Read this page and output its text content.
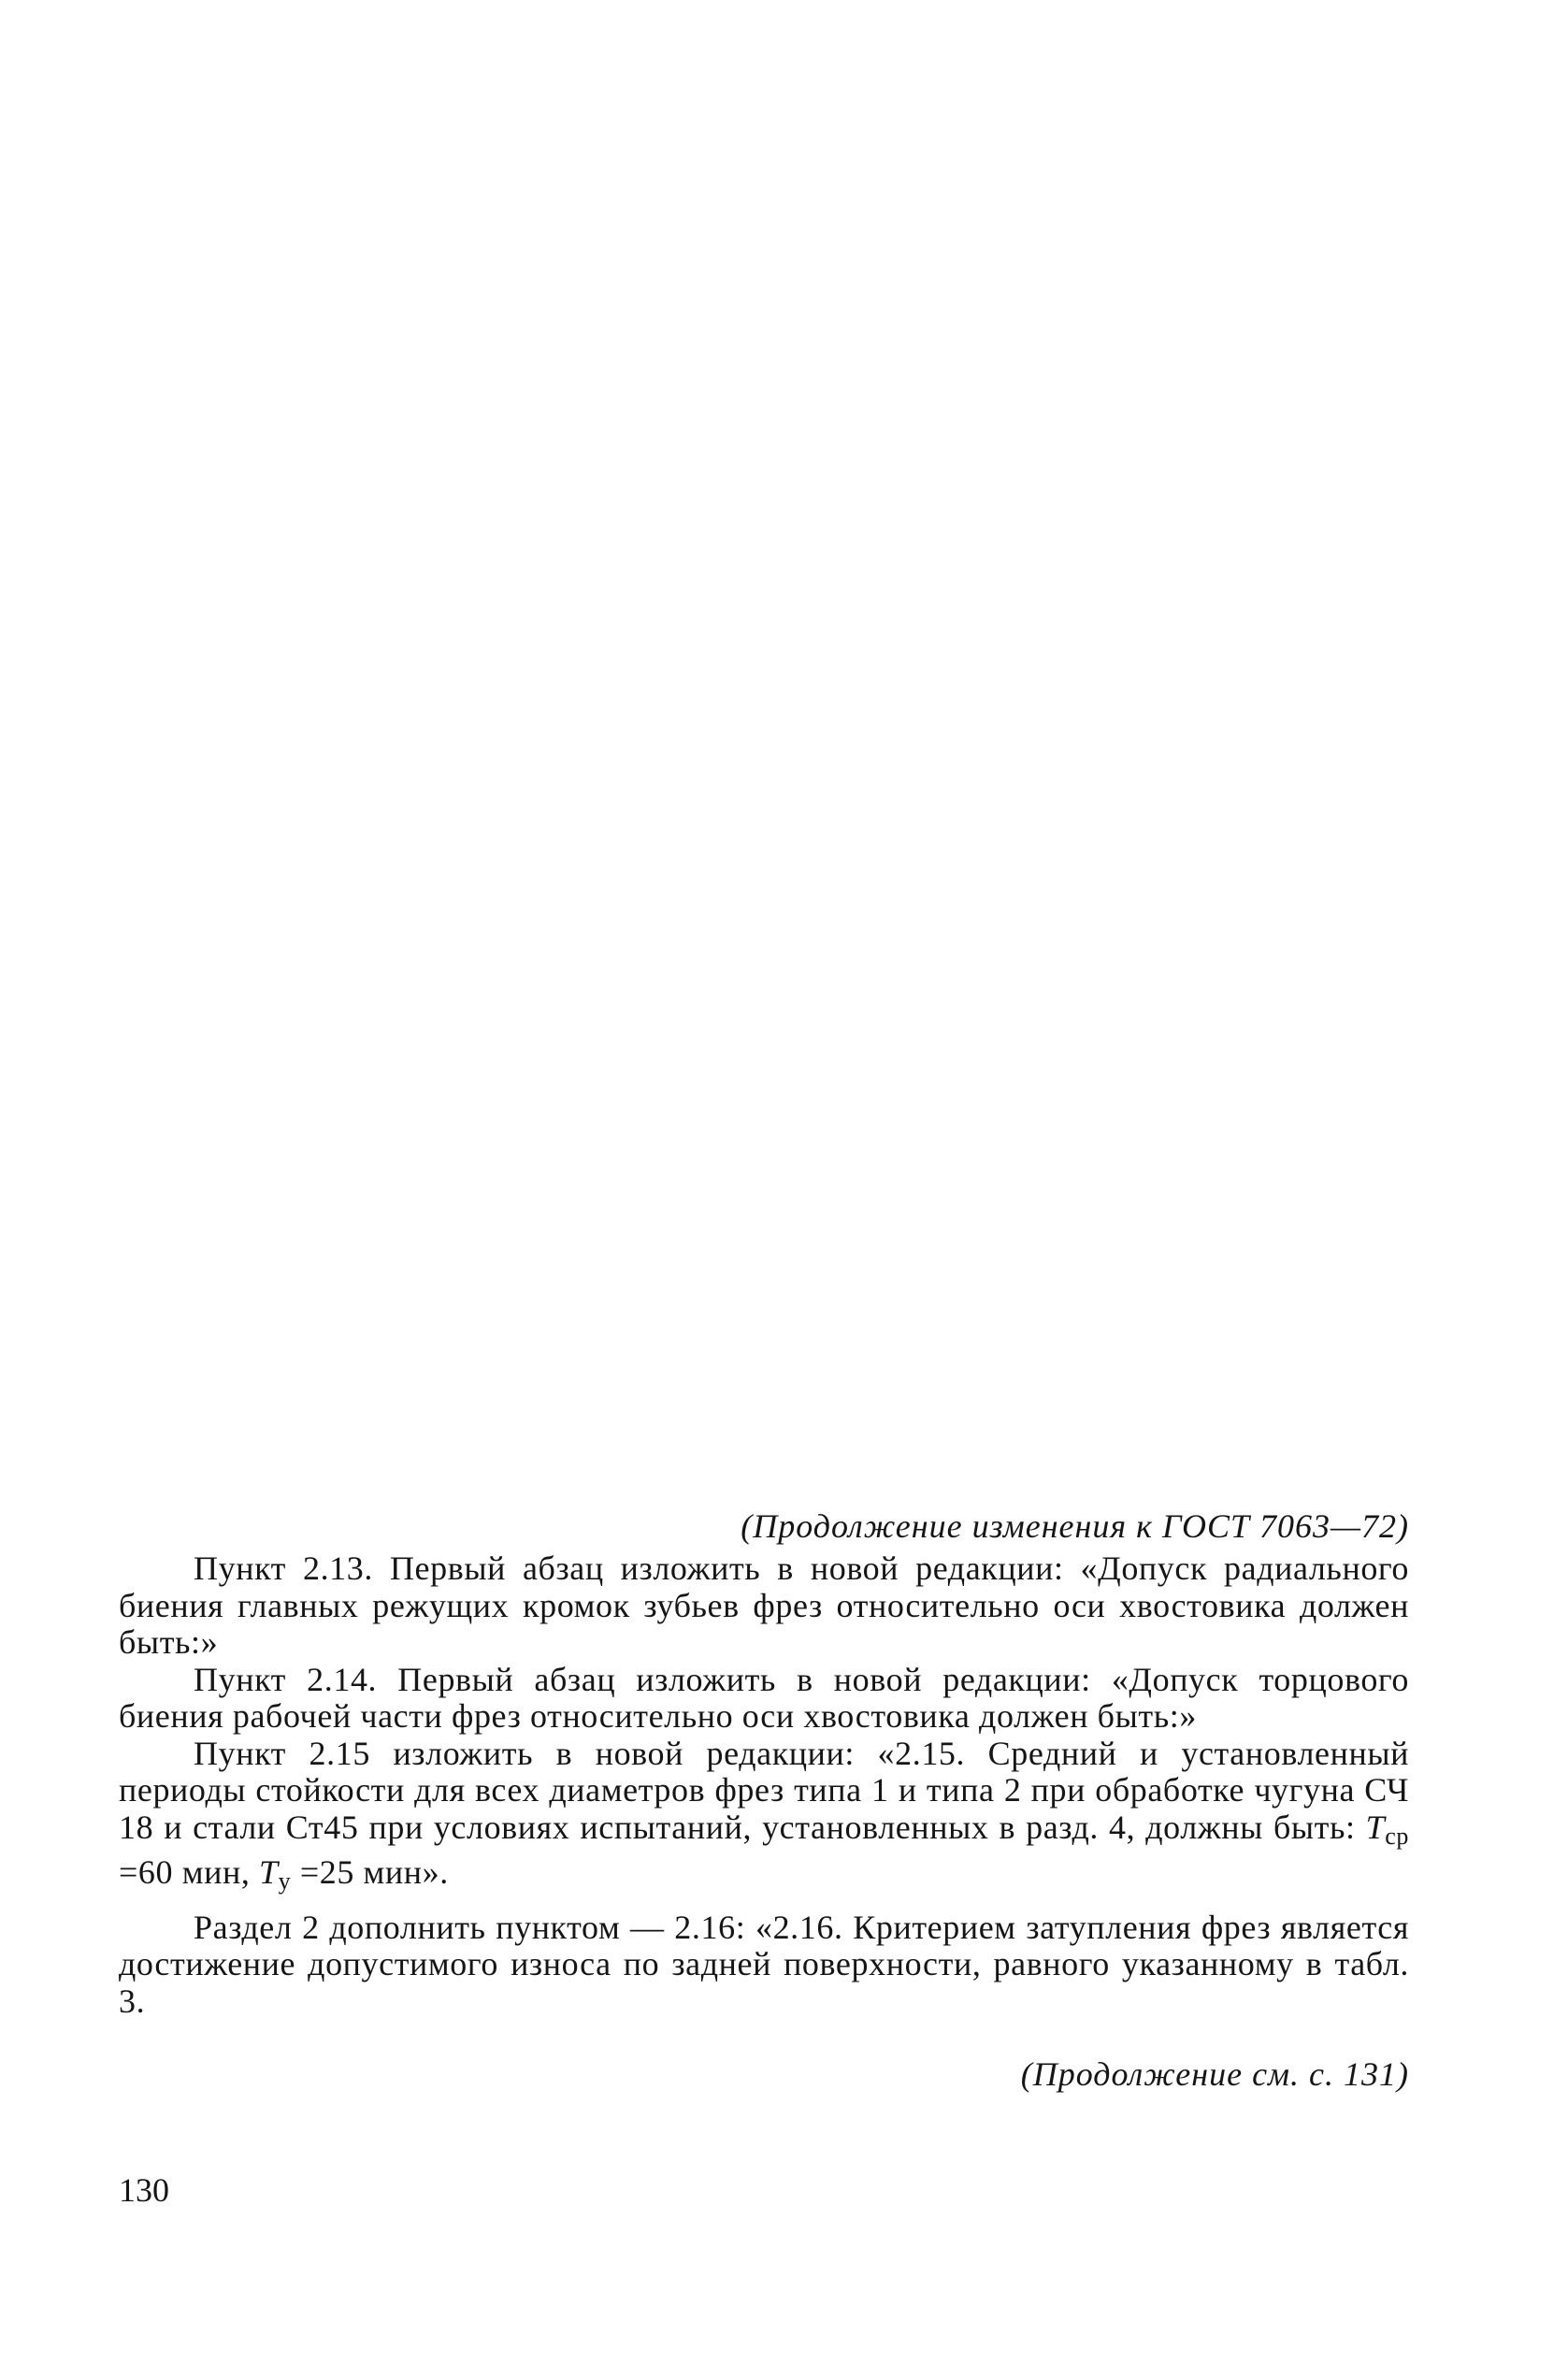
(Продолжение изменения к ГОСТ 7063—72)

Пункт 2.13. Первый абзац изложить в новой редакции: «Допуск радиального биения главных режущих кромок зубьев фрез относительно оси хвостовика должен быть:»

Пункт 2.14. Первый абзац изложить в новой редакции: «Допуск торцового биения рабочей части фрез относительно оси хвостовика должен быть:»

Пункт 2.15 изложить в новой редакции: «2.15. Средний и установленный периоды стойкости для всех диаметров фрез типа 1 и типа 2 при обработке чугуна СЧ 18 и стали Ст45 при условиях испытаний, установленных в разд. 4, должны быть: $T_{ср} =60$ мин, $T_у =25$ мин».

Раздел 2 дополнить пунктом — 2.16: «2.16. Критерием затупления фрез является достижение допустимого износа по задней поверхности, равного указанному в табл. 3.

(Продолжение см. с. 131)

130
